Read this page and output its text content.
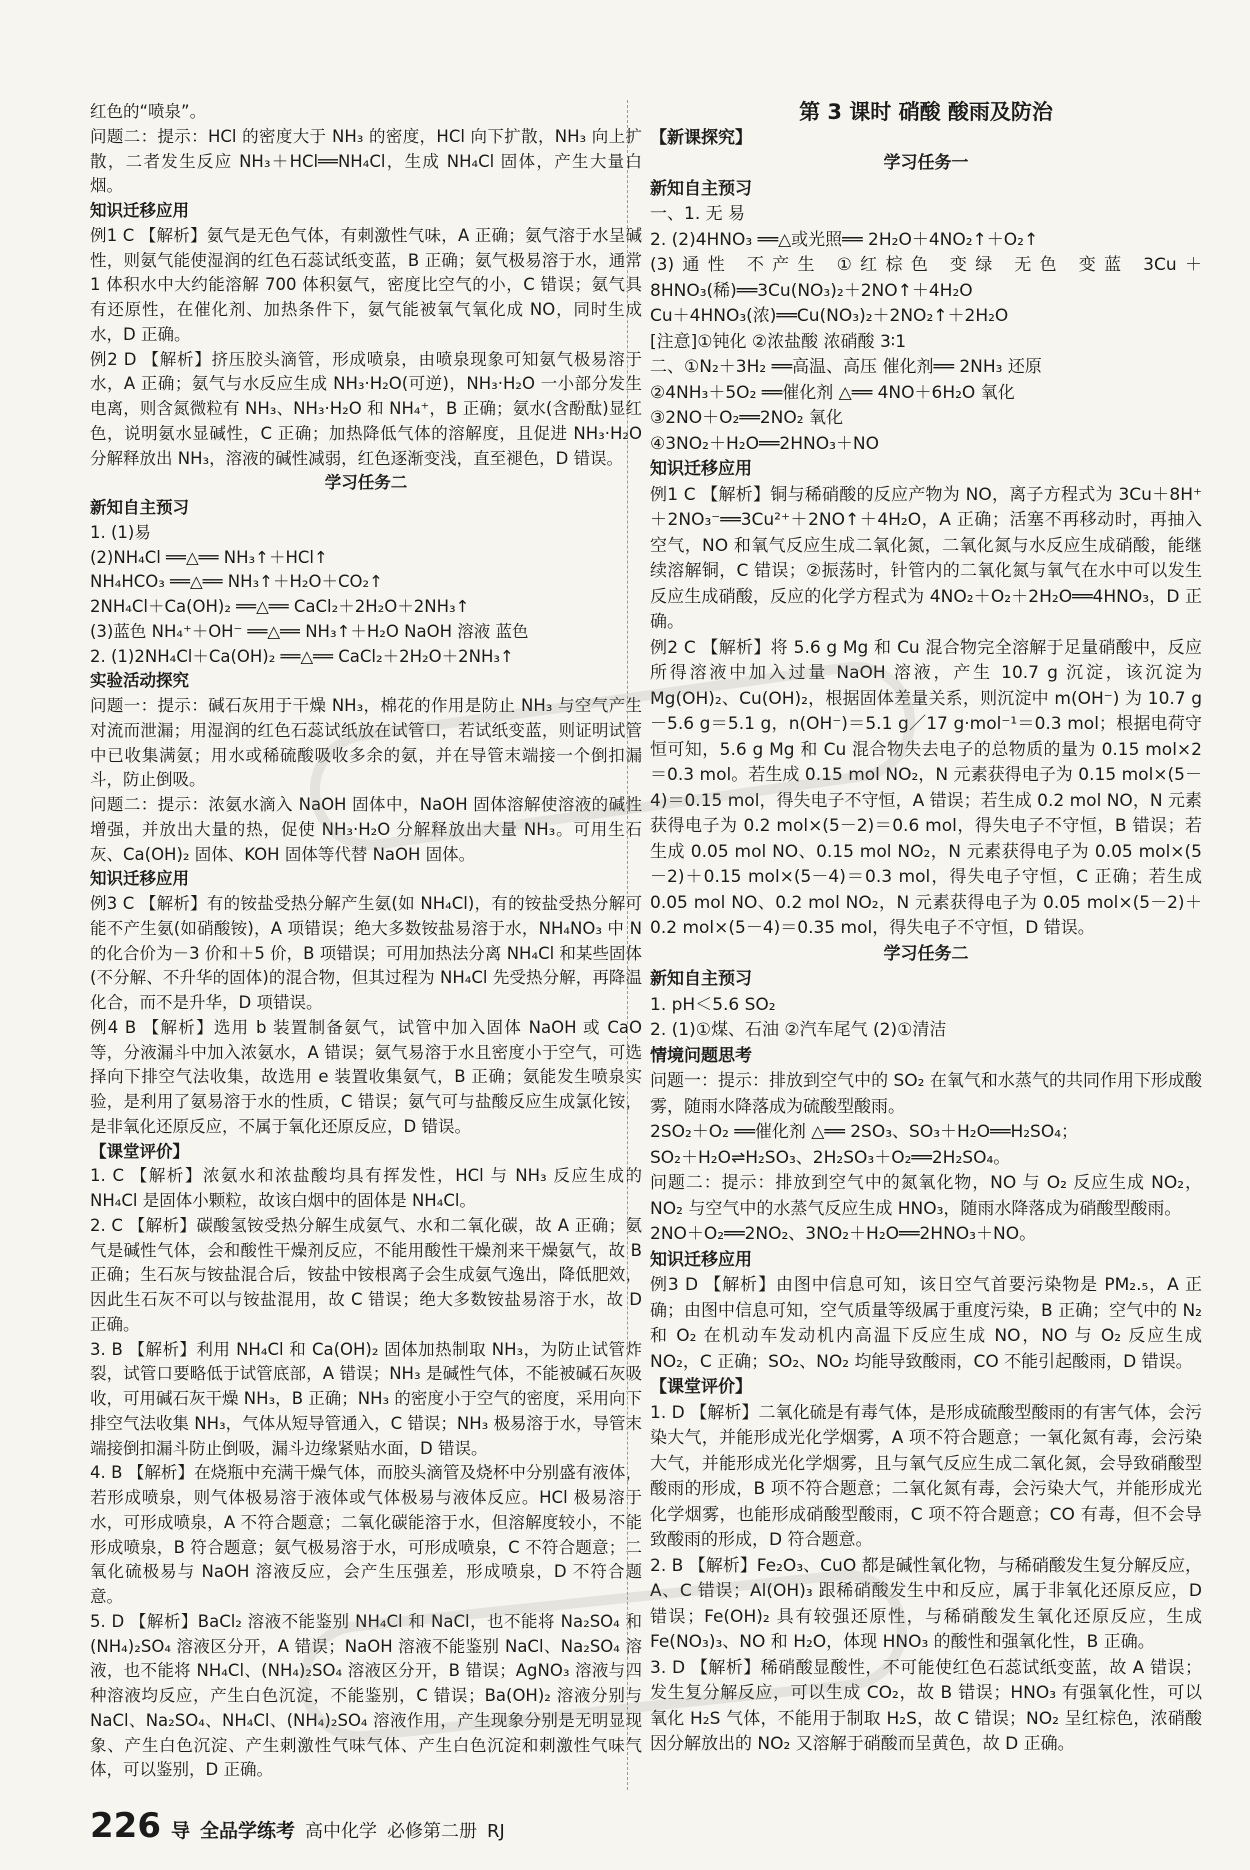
红色的“喷泉”。

问题二：提示：HCl 的密度大于 NH₃ 的密度，HCl 向下扩散，NH₃ 向上扩散，二者发生反应 NH₃＋HCl══NH₄Cl，生成 NH₄Cl 固体，产生大量白烟。

知识迁移应用

例1 C 【解析】氨气是无色气体，有刺激性气味，A 正确；氨气溶于水呈碱性，则氨气能使湿润的红色石蕊试纸变蓝，B 正确；氨气极易溶于水，通常 1 体积水中大约能溶解 700 体积氨气，密度比空气的小，C 错误；氨气具有还原性，在催化剂、加热条件下，氨气能被氧气氧化成 NO，同时生成水，D 正确。

例2 D 【解析】挤压胶头滴管，形成喷泉，由喷泉现象可知氨气极易溶于水，A 正确；氨气与水反应生成 NH₃·H₂O(可逆)，NH₃·H₂O 一小部分发生电离，则含氮微粒有 NH₃、NH₃·H₂O 和 NH₄⁺，B 正确；氨水(含酚酞)显红色，说明氨水显碱性，C 正确；加热降低气体的溶解度，且促进 NH₃·H₂O 分解释放出 NH₃，溶液的碱性减弱，红色逐渐变浅，直至褪色，D 错误。

学习任务二

新知自主预习

1. (1)易

(2)NH₄Cl ══△══ NH₃↑＋HCl↑

NH₄HCO₃ ══△══ NH₃↑＋H₂O＋CO₂↑

2NH₄Cl＋Ca(OH)₂ ══△══ CaCl₂＋2H₂O＋2NH₃↑

(3)蓝色 NH₄⁺＋OH⁻ ══△══ NH₃↑＋H₂O NaOH 溶液 蓝色

2. (1)2NH₄Cl＋Ca(OH)₂ ══△══ CaCl₂＋2H₂O＋2NH₃↑

实验活动探究

问题一：提示：碱石灰用于干燥 NH₃，棉花的作用是防止 NH₃ 与空气产生对流而泄漏；用湿润的红色石蕊试纸放在试管口，若试纸变蓝，则证明试管中已收集满氨；用水或稀硫酸吸收多余的氨，并在导管末端接一个倒扣漏斗，防止倒吸。

问题二：提示：浓氨水滴入 NaOH 固体中，NaOH 固体溶解使溶液的碱性增强，并放出大量的热，促使 NH₃·H₂O 分解释放出大量 NH₃。可用生石灰、Ca(OH)₂ 固体、KOH 固体等代替 NaOH 固体。

知识迁移应用

例3 C 【解析】有的铵盐受热分解产生氨(如 NH₄Cl)，有的铵盐受热分解可能不产生氨(如硝酸铵)，A 项错误；绝大多数铵盐易溶于水，NH₄NO₃ 中 N 的化合价为－3 价和＋5 价，B 项错误；可用加热法分离 NH₄Cl 和某些固体(不分解、不升华的固体)的混合物，但其过程为 NH₄Cl 先受热分解，再降温化合，而不是升华，D 项错误。

例4 B 【解析】选用 b 装置制备氨气，试管中加入固体 NaOH 或 CaO 等，分液漏斗中加入浓氨水，A 错误；氨气易溶于水且密度小于空气，可选择向下排空气法收集，故选用 e 装置收集氨气，B 正确；氨能发生喷泉实验，是利用了氨易溶于水的性质，C 错误；氨气可与盐酸反应生成氯化铵，是非氧化还原反应，不属于氧化还原反应，D 错误。

【课堂评价】

1. C 【解析】浓氨水和浓盐酸均具有挥发性，HCl 与 NH₃ 反应生成的 NH₄Cl 是固体小颗粒，故该白烟中的固体是 NH₄Cl。

2. C 【解析】碳酸氢铵受热分解生成氨气、水和二氧化碳，故 A 正确；氨气是碱性气体，会和酸性干燥剂反应，不能用酸性干燥剂来干燥氨气，故 B 正确；生石灰与铵盐混合后，铵盐中铵根离子会生成氨气逸出，降低肥效，因此生石灰不可以与铵盐混用，故 C 错误；绝大多数铵盐易溶于水，故 D 正确。

3. B 【解析】利用 NH₄Cl 和 Ca(OH)₂ 固体加热制取 NH₃，为防止试管炸裂，试管口要略低于试管底部，A 错误；NH₃ 是碱性气体，不能被碱石灰吸收，可用碱石灰干燥 NH₃，B 正确；NH₃ 的密度小于空气的密度，采用向下排空气法收集 NH₃，气体从短导管通入，C 错误；NH₃ 极易溶于水，导管末端接倒扣漏斗防止倒吸，漏斗边缘紧贴水面，D 错误。

4. B 【解析】在烧瓶中充满干燥气体，而胶头滴管及烧杯中分别盛有液体，若形成喷泉，则气体极易溶于液体或气体极易与液体反应。HCl 极易溶于水，可形成喷泉，A 不符合题意；二氧化碳能溶于水，但溶解度较小，不能形成喷泉，B 符合题意；氨气极易溶于水，可形成喷泉，C 不符合题意；二氧化硫极易与 NaOH 溶液反应，会产生压强差，形成喷泉，D 不符合题意。

5. D 【解析】BaCl₂ 溶液不能鉴别 NH₄Cl 和 NaCl，也不能将 Na₂SO₄ 和 (NH₄)₂SO₄ 溶液区分开，A 错误；NaOH 溶液不能鉴别 NaCl、Na₂SO₄ 溶液，也不能将 NH₄Cl、(NH₄)₂SO₄ 溶液区分开，B 错误；AgNO₃ 溶液与四种溶液均反应，产生白色沉淀，不能鉴别，C 错误；Ba(OH)₂ 溶液分别与 NaCl、Na₂SO₄、NH₄Cl、(NH₄)₂SO₄ 溶液作用，产生现象分别是无明显现象、产生白色沉淀、产生刺激性气味气体、产生白色沉淀和刺激性气味气体，可以鉴别，D 正确。

第 3 课时 硝酸 酸雨及防治

【新课探究】

学习任务一

新知自主预习

一、1. 无 易

2. (2)4HNO₃ ══△或光照══ 2H₂O＋4NO₂↑＋O₂↑

(3)通性 不产生 ①红棕色 变绿 无色 变蓝 3Cu＋8HNO₃(稀)══3Cu(NO₃)₂＋2NO↑＋4H₂O

Cu＋4HNO₃(浓)══Cu(NO₃)₂＋2NO₂↑＋2H₂O

[注意]①钝化 ②浓盐酸 浓硝酸 3∶1

二、①N₂＋3H₂ ══高温、高压 催化剂══ 2NH₃ 还原

②4NH₃＋5O₂ ══催化剂 △══ 4NO＋6H₂O 氧化

③2NO＋O₂══2NO₂ 氧化

④3NO₂＋H₂O══2HNO₃＋NO

知识迁移应用

例1 C 【解析】铜与稀硝酸的反应产物为 NO，离子方程式为 3Cu＋8H⁺＋2NO₃⁻══3Cu²⁺＋2NO↑＋4H₂O，A 正确；活塞不再移动时，再抽入空气，NO 和氧气反应生成二氧化氮，二氧化氮与水反应生成硝酸，能继续溶解铜，C 错误；②振荡时，针管内的二氧化氮与氧气在水中可以发生反应生成硝酸，反应的化学方程式为 4NO₂＋O₂＋2H₂O══4HNO₃，D 正确。

例2 C 【解析】将 5.6 g Mg 和 Cu 混合物完全溶解于足量硝酸中，反应所得溶液中加入过量 NaOH 溶液，产生 10.7 g 沉淀，该沉淀为 Mg(OH)₂、Cu(OH)₂，根据固体差量关系，则沉淀中 m(OH⁻) 为 10.7 g－5.6 g＝5.1 g，n(OH⁻)＝5.1 g／17 g·mol⁻¹＝0.3 mol；根据电荷守恒可知，5.6 g Mg 和 Cu 混合物失去电子的总物质的量为 0.15 mol×2＝0.3 mol。若生成 0.15 mol NO₂，N 元素获得电子为 0.15 mol×(5－4)＝0.15 mol，得失电子不守恒，A 错误；若生成 0.2 mol NO，N 元素获得电子为 0.2 mol×(5－2)＝0.6 mol，得失电子不守恒，B 错误；若生成 0.05 mol NO、0.15 mol NO₂，N 元素获得电子为 0.05 mol×(5－2)＋0.15 mol×(5－4)＝0.3 mol，得失电子守恒，C 正确；若生成 0.05 mol NO、0.2 mol NO₂，N 元素获得电子为 0.05 mol×(5－2)＋0.2 mol×(5－4)＝0.35 mol，得失电子不守恒，D 错误。

学习任务二

新知自主预习

1. pH＜5.6 SO₂

2. (1)①煤、石油 ②汽车尾气 (2)①清洁

情境问题思考

问题一：提示：排放到空气中的 SO₂ 在氧气和水蒸气的共同作用下形成酸雾，随雨水降落成为硫酸型酸雨。

2SO₂＋O₂ ══催化剂 △══ 2SO₃、SO₃＋H₂O══H₂SO₄；

SO₂＋H₂O⇌H₂SO₃、2H₂SO₃＋O₂══2H₂SO₄。

问题二：提示：排放到空气中的氮氧化物，NO 与 O₂ 反应生成 NO₂，NO₂ 与空气中的水蒸气反应生成 HNO₃，随雨水降落成为硝酸型酸雨。

2NO＋O₂══2NO₂、3NO₂＋H₂O══2HNO₃＋NO。

知识迁移应用

例3 D 【解析】由图中信息可知，该日空气首要污染物是 PM₂.₅，A 正确；由图中信息可知，空气质量等级属于重度污染，B 正确；空气中的 N₂ 和 O₂ 在机动车发动机内高温下反应生成 NO，NO 与 O₂ 反应生成 NO₂，C 正确；SO₂、NO₂ 均能导致酸雨，CO 不能引起酸雨，D 错误。

【课堂评价】

1. D 【解析】二氧化硫是有毒气体，是形成硫酸型酸雨的有害气体，会污染大气，并能形成光化学烟雾，A 项不符合题意；一氧化氮有毒，会污染大气，并能形成光化学烟雾，且与氧气反应生成二氧化氮，会导致硝酸型酸雨的形成，B 项不符合题意；二氧化氮有毒，会污染大气，并能形成光化学烟雾，也能形成硝酸型酸雨，C 项不符合题意；CO 有毒，但不会导致酸雨的形成，D 符合题意。

2. B 【解析】Fe₂O₃、CuO 都是碱性氧化物，与稀硝酸发生复分解反应，A、C 错误；Al(OH)₃ 跟稀硝酸发生中和反应，属于非氧化还原反应，D 错误；Fe(OH)₂ 具有较强还原性，与稀硝酸发生氧化还原反应，生成 Fe(NO₃)₃、NO 和 H₂O，体现 HNO₃ 的酸性和强氧化性，B 正确。

3. D 【解析】稀硝酸显酸性，不可能使红色石蕊试纸变蓝，故 A 错误；发生复分解反应，可以生成 CO₂，故 B 错误；HNO₃ 有强氧化性，可以氧化 H₂S 气体，不能用于制取 H₂S，故 C 错误；NO₂ 呈红棕色，浓硝酸因分解放出的 NO₂ 又溶解于硝酸而呈黄色，故 D 正确。

226 导 全品学练考 高中化学 必修第二册 RJ
